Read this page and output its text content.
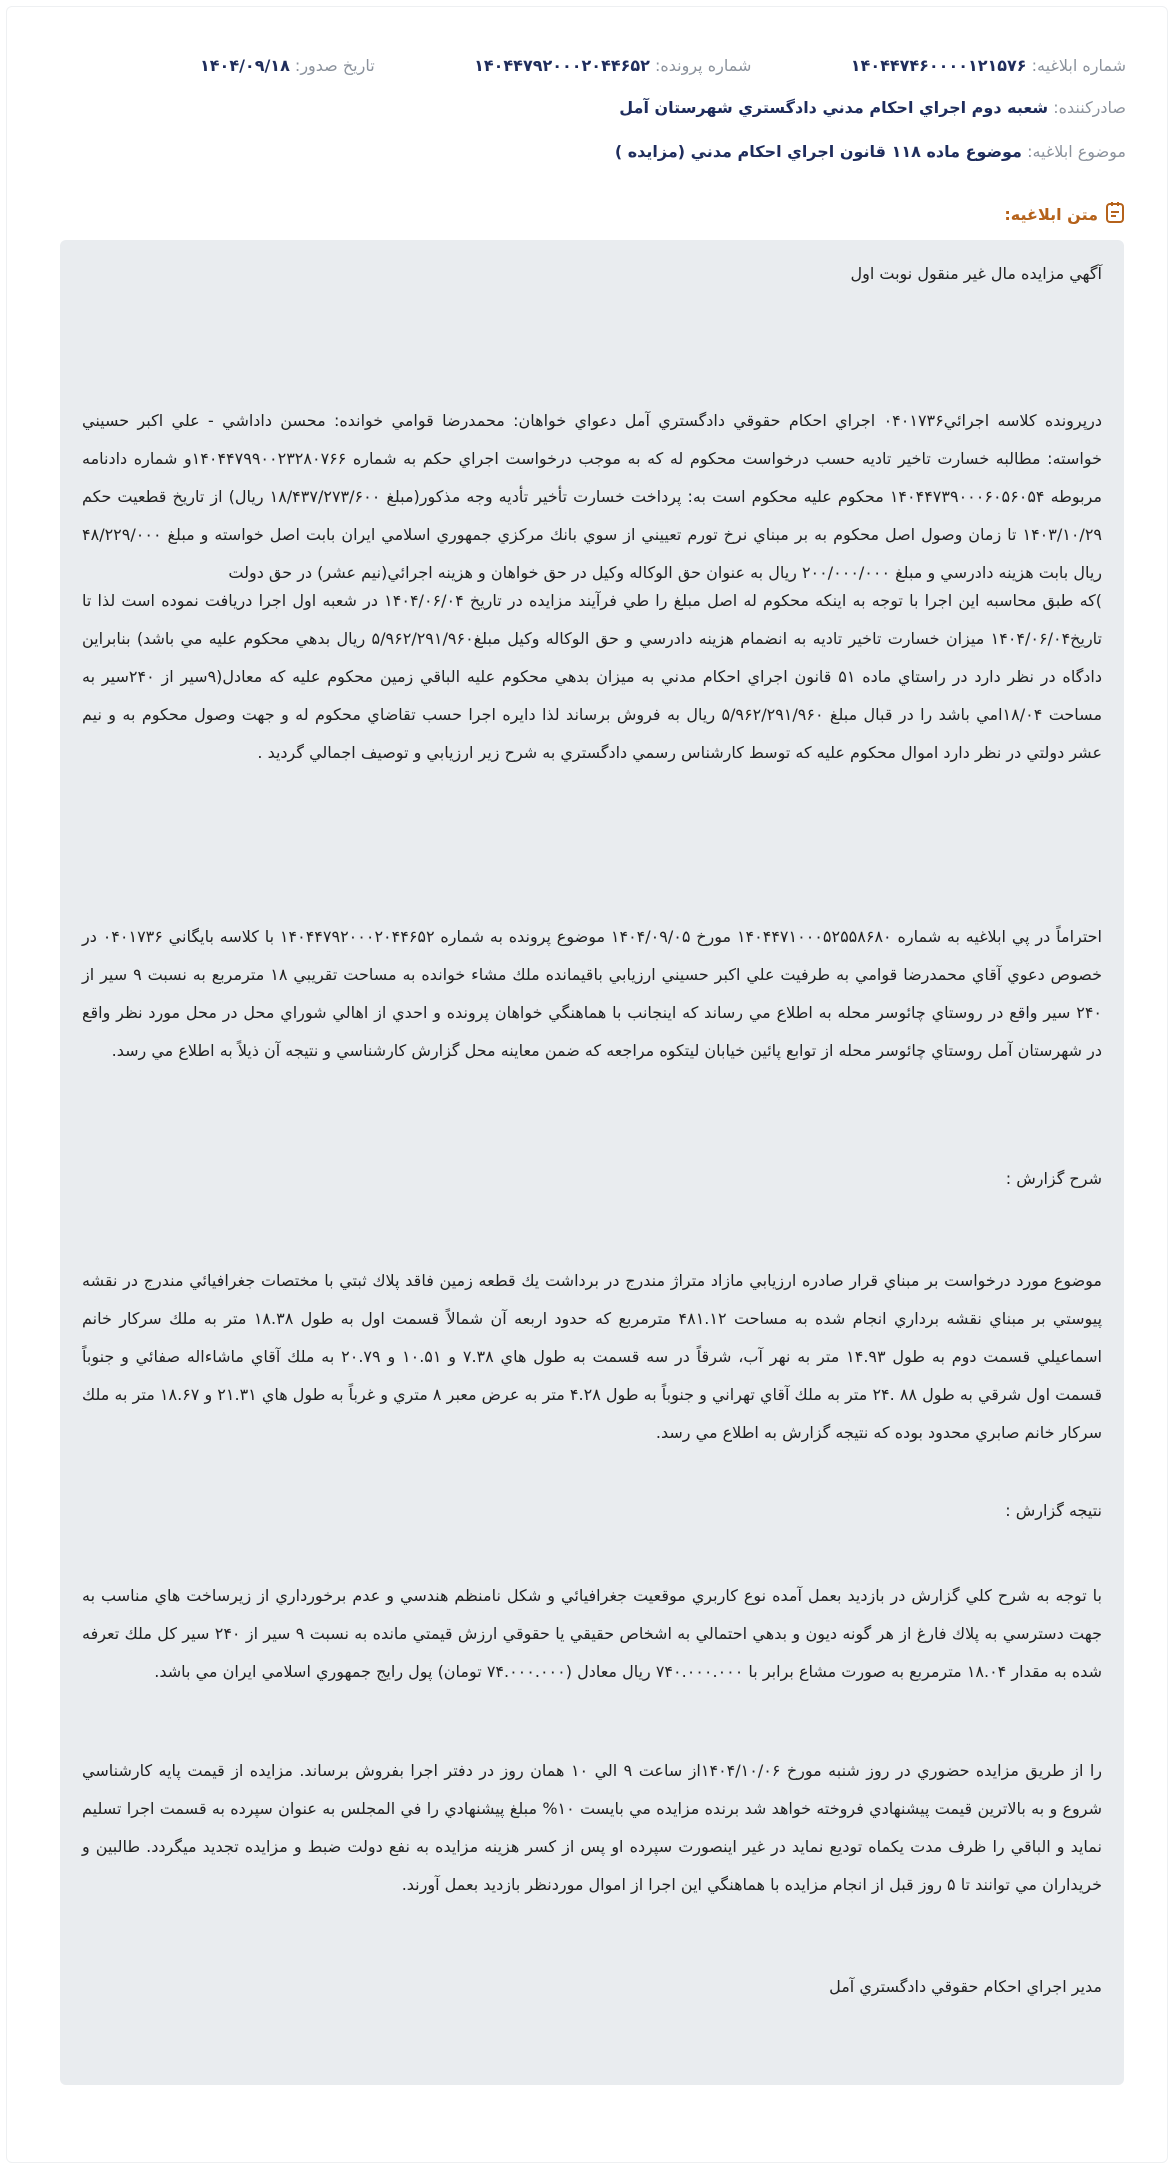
شماره ابلاغيه: ۱۴۰۴۴۷۴۶۰۰۰۰۱۲۱۵۷۶
شماره پرونده: ۱۴۰۴۴۷۹۲۰۰۰۲۰۴۴۶۵۲
تاريخ صدور: ۱۴۰۴/۰۹/۱۸
صادرکننده: شعبه دوم اجراي احكام مدني دادگستري شهرستان آمل
موضوع ابلاغيه: موضوع ماده ۱۱۸ قانون اجراي احكام مدني (مزايده )
متن ابلاغيه:
آگهي مزايده مال غير منقول نوبت اول
درپرونده كلاسه اجرائي۰۴۰۱۷۳۶ اجراي احكام حقوقي دادگستري آمل دعواي خواهان: محمدرضا قوامي خوانده: محسن داداشي - علي اكبر حسيني خواسته: مطالبه خسارت تاخير تاديه حسب درخواست محكوم له كه به موجب درخواست اجراي حكم به شماره ۱۴۰۴۴۷۹۹۰۰۲۳۲۸۰۷۶۶و شماره دادنامه مربوطه ۱۴۰۴۴۷۳۹۰۰۰۶۰۵۶۰۵۴ محكوم عليه محكوم است به: پرداخت خسارت تأخير تأديه وجه مذكور(مبلغ ۱۸/۴۳۷/۲۷۳/۶۰۰ ريال) از تاريخ قطعيت حكم ۱۴۰۳/۱۰/۲۹ تا زمان وصول اصل محكوم به بر مبناي نرخ تورم تعييني از سوي بانك مركزي جمهوري اسلامي ايران بابت اصل خواسته و مبلغ ۴۸/۲۲۹/۰۰۰ ريال بابت هزينه دادرسي و مبلغ ۲۰۰/۰۰۰/۰۰۰ ريال به عنوان حق الوكاله وكيل در حق خواهان و هزينه اجرائي(نيم عشر) در حق دولت
)كه طبق محاسبه اين اجرا با توجه به اينكه محكوم له اصل مبلغ را طي فرآيند مزايده در تاريخ ۱۴۰۴/۰۶/۰۴ در شعبه اول اجرا دريافت نموده است لذا تا تاريخ۱۴۰۴/۰۶/۰۴ ميزان خسارت تاخير تاديه به انضمام هزينه دادرسي و حق الوكاله وكيل مبلغ۵/۹۶۲/۲۹۱/۹۶۰ ريال بدهي محكوم عليه مي باشد) بنابراين دادگاه در نظر دارد در راستاي ماده ۵۱ قانون اجراي احكام مدني به ميزان بدهي محكوم عليه الباقي زمين محكوم عليه كه معادل(۹سير از ۲۴۰سير به مساحت ۱۸/۰۴امي باشد را در قبال مبلغ ۵/۹۶۲/۲۹۱/۹۶۰ ريال به فروش برساند لذا دايره اجرا حسب تقاضاي محكوم له و جهت وصول محكوم به و نيم عشر دولتي در نظر دارد اموال محكوم عليه كه توسط كارشناس رسمي دادگستري به شرح زير ارزيابي و توصيف اجمالي گرديد .
احتراماً در پي ابلاغيه به شماره ۱۴۰۴۴۷۱۰۰۰۵۲۵۵۸۶۸۰ مورخ ۱۴۰۴/۰۹/۰۵ موضوع پرونده به شماره ۱۴۰۴۴۷۹۲۰۰۰۲۰۴۴۶۵۲ با كلاسه بايگاني ۰۴۰۱۷۳۶ در خصوص دعوي آقاي محمدرضا قوامي به طرفيت علي اكبر حسيني ارزيابي باقيمانده ملك مشاء خوانده به مساحت تقريبي ۱۸ مترمربع به نسبت ۹ سير از ۲۴۰ سير واقع در روستاي چائوسر محله به اطلاع مي رساند كه اينجانب با هماهنگي خواهان پرونده و احدي از اهالي شوراي محل در محل مورد نظر واقع در شهرستان آمل روستاي چائوسر محله از توابع پائين خيابان ليتكوه مراجعه كه ضمن معاينه محل گزارش كارشناسي و نتيجه آن ذيلاً به اطلاع مي رسد.
شرح گزارش :
موضوع مورد درخواست بر مبناي قرار صادره ارزيابي مازاد متراژ مندرج در برداشت يك قطعه زمين فاقد پلاك ثبتي با مختصات جغرافيائي مندرج در نقشه پيوستي بر مبناي نقشه برداري انجام شده به مساحت ۴۸۱.۱۲ مترمربع كه حدود اربعه آن شمالاً قسمت اول به طول ۱۸.۳۸ متر به ملك سركار خانم اسماعيلي قسمت دوم به طول ۱۴.۹۳ متر به نهر آب، شرقاً در سه قسمت به طول هاي ۷.۳۸ و ۱۰.۵۱ و ۲۰.۷۹ به ملك آقاي ماشاءاله صفائي و جنوباً قسمت اول شرقي به طول ۸۸ .۲۴ متر به ملك آقاي تهراني و جنوباً به طول ۴.۲۸ متر به عرض معبر ۸ متري و غرباً به طول هاي ۲۱.۳۱ و ۱۸.۶۷ متر به ملك سركار خانم صابري محدود بوده كه نتيجه گزارش به اطلاع مي رسد.
نتيجه گزارش :
با توجه به شرح كلي گزارش در بازديد بعمل آمده نوع كاربري موقعيت جغرافيائي و شكل نامنظم هندسي و عدم برخورداري از زيرساخت هاي مناسب به جهت دسترسي به پلاك فارغ از هر گونه ديون و بدهي احتمالي به اشخاص حقيقي يا حقوقي ارزش قيمتي مانده به نسبت ۹ سير از ۲۴۰ سير كل ملك تعرفه شده به مقدار ۱۸.۰۴ مترمربع به صورت مشاع برابر با ۷۴۰.۰۰۰.۰۰۰ ريال معادل (۷۴.۰۰۰.۰۰۰ تومان) پول رايج جمهوري اسلامي ايران مي باشد.
را از طريق مزايده حضوري در روز شنبه مورخ ۱۴۰۴/۱۰/۰۶از ساعت ۹ الي ۱۰ همان روز در دفتر اجرا بفروش برساند. مزايده از قيمت پايه كارشناسي شروع و به بالاترين قيمت پيشنهادي فروخته خواهد شد برنده مزايده مي بايست ۱۰% مبلغ پيشنهادي را في المجلس به عنوان سپرده به قسمت اجرا تسليم نمايد و الباقي را ظرف مدت يكماه توديع نمايد در غير اينصورت سپرده او پس از كسر هزينه مزايده به نفع دولت ضبط و مزايده تجديد ميگردد. طالبين و خريداران مي توانند تا ۵ روز قبل از انجام مزايده با هماهنگي اين اجرا از اموال موردنظر بازديد بعمل آورند.
مدير اجراي احكام حقوقي دادگستري آمل
